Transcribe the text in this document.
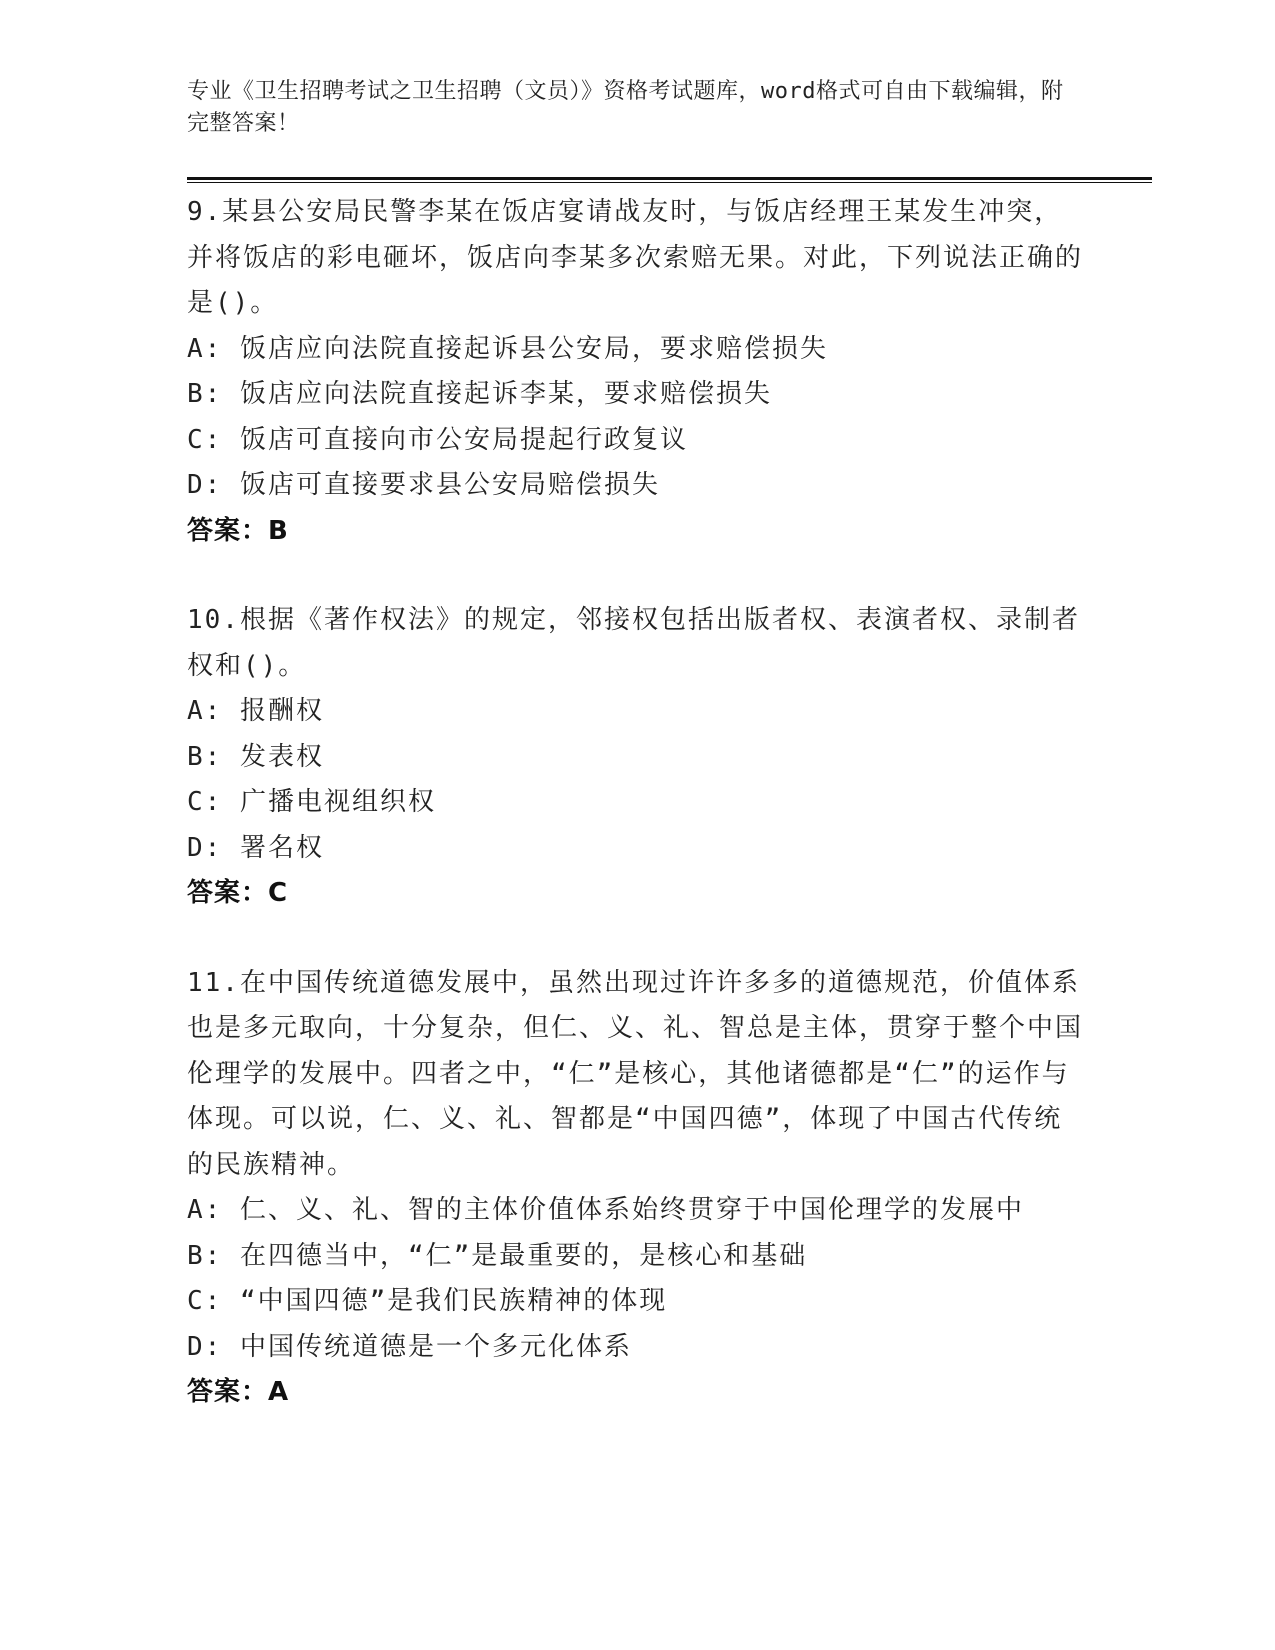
专业《卫生招聘考试之卫生招聘（文员）》资格考试题库，word格式可自由下载编辑，附完整答案！

9.某县公安局民警李某在饭店宴请战友时，与饭店经理王某发生冲突，并将饭店的彩电砸坏，饭店向李某多次索赔无果。对此，下列说法正确的是()。

A: 饭店应向法院直接起诉县公安局，要求赔偿损失

B: 饭店应向法院直接起诉李某，要求赔偿损失

C: 饭店可直接向市公安局提起行政复议

D: 饭店可直接要求县公安局赔偿损失

答案：B

10.根据《著作权法》的规定，邻接权包括出版者权、表演者权、录制者权和()。

A: 报酬权

B: 发表权

C: 广播电视组织权

D: 署名权

答案：C

11.在中国传统道德发展中，虽然出现过许许多多的道德规范，价值体系也是多元取向，十分复杂，但仁、义、礼、智总是主体，贯穿于整个中国伦理学的发展中。四者之中，“仁”是核心，其他诸德都是“仁”的运作与体现。可以说，仁、义、礼、智都是“中国四德”，体现了中国古代传统的民族精神。

A: 仁、义、礼、智的主体价值体系始终贯穿于中国伦理学的发展中

B: 在四德当中，“仁”是最重要的，是核心和基础

C: “中国四德”是我们民族精神的体现

D: 中国传统道德是一个多元化体系

答案：A
